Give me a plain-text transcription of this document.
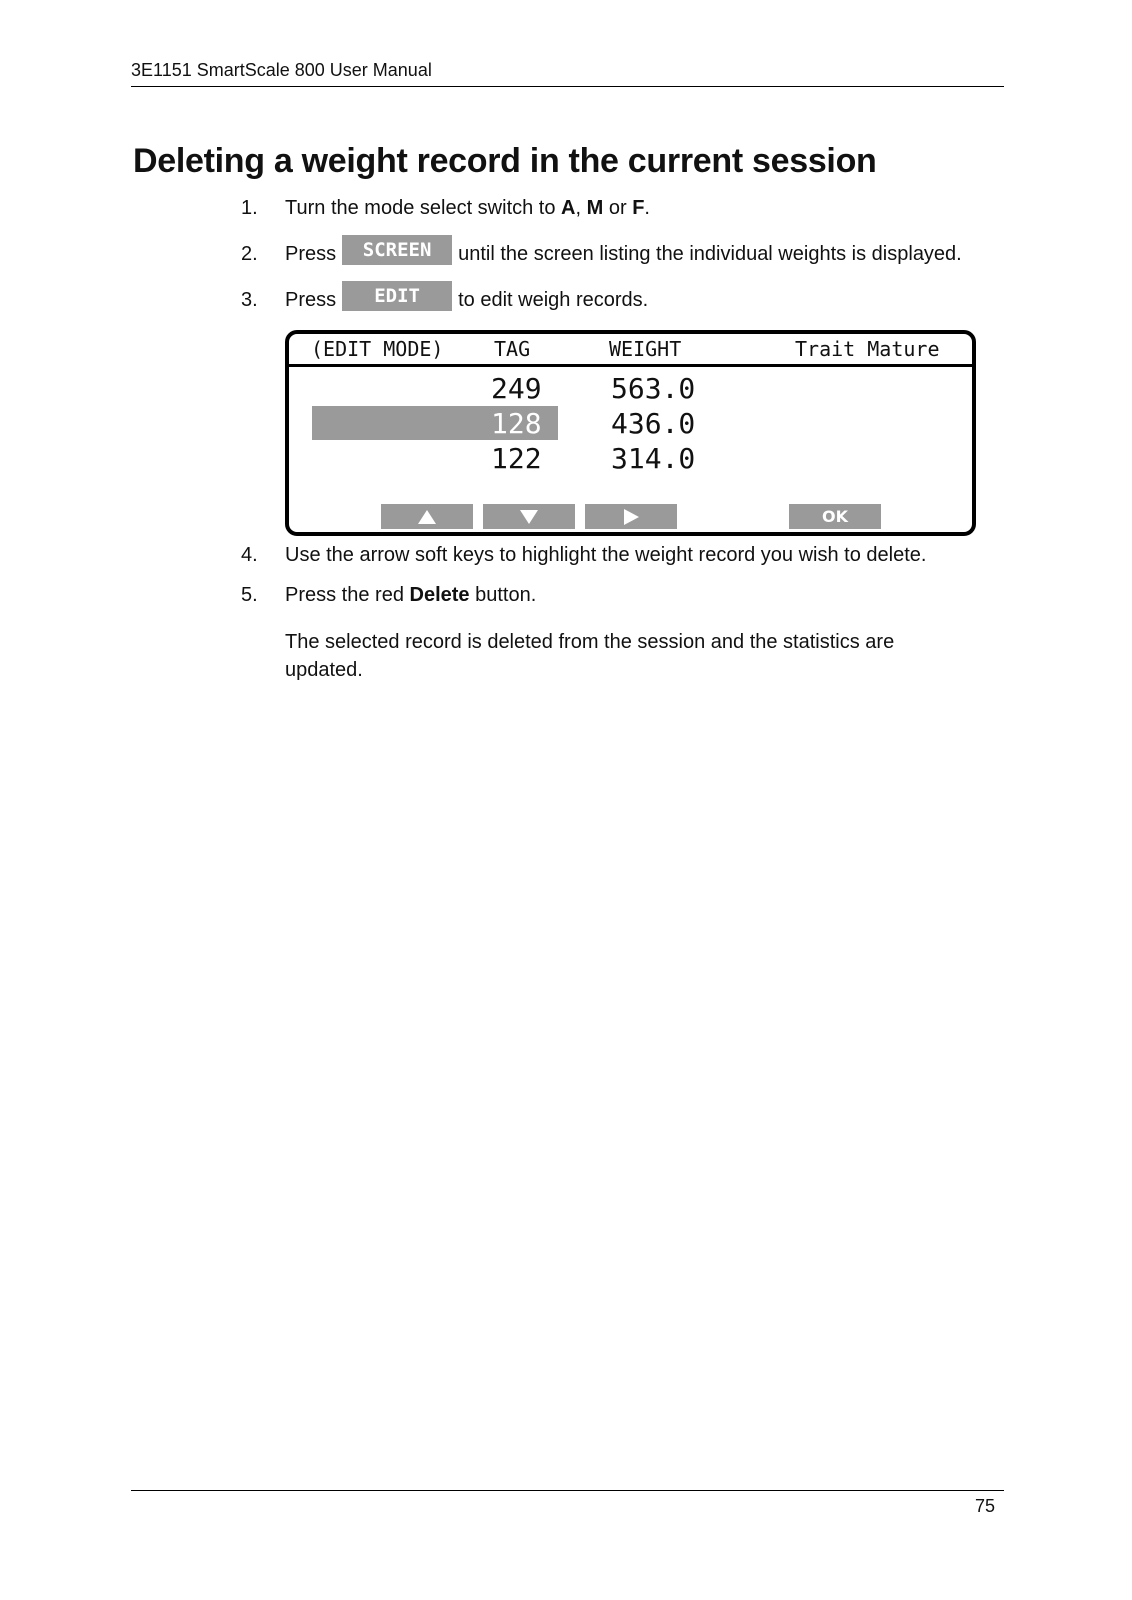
3E1151 SmartScale 800 User Manual
Deleting a weight record in the current session
1.	Turn the mode select switch to A , M or F .
2.	Press	SCREEN	until the screen listing the individual weights is displayed.
3.	Press	EDIT	to edit weigh records.
(EDIT MODE)	TAG	WEIGHT	Trait Mature
249 563.0
128 436.0
122 314.0
OK
4.	Use the arrow soft keys to highlight the weight record you wish to delete.
5.	Press the red Delete button.

The selected record is deleted from the session and the statistics are updated.

75
